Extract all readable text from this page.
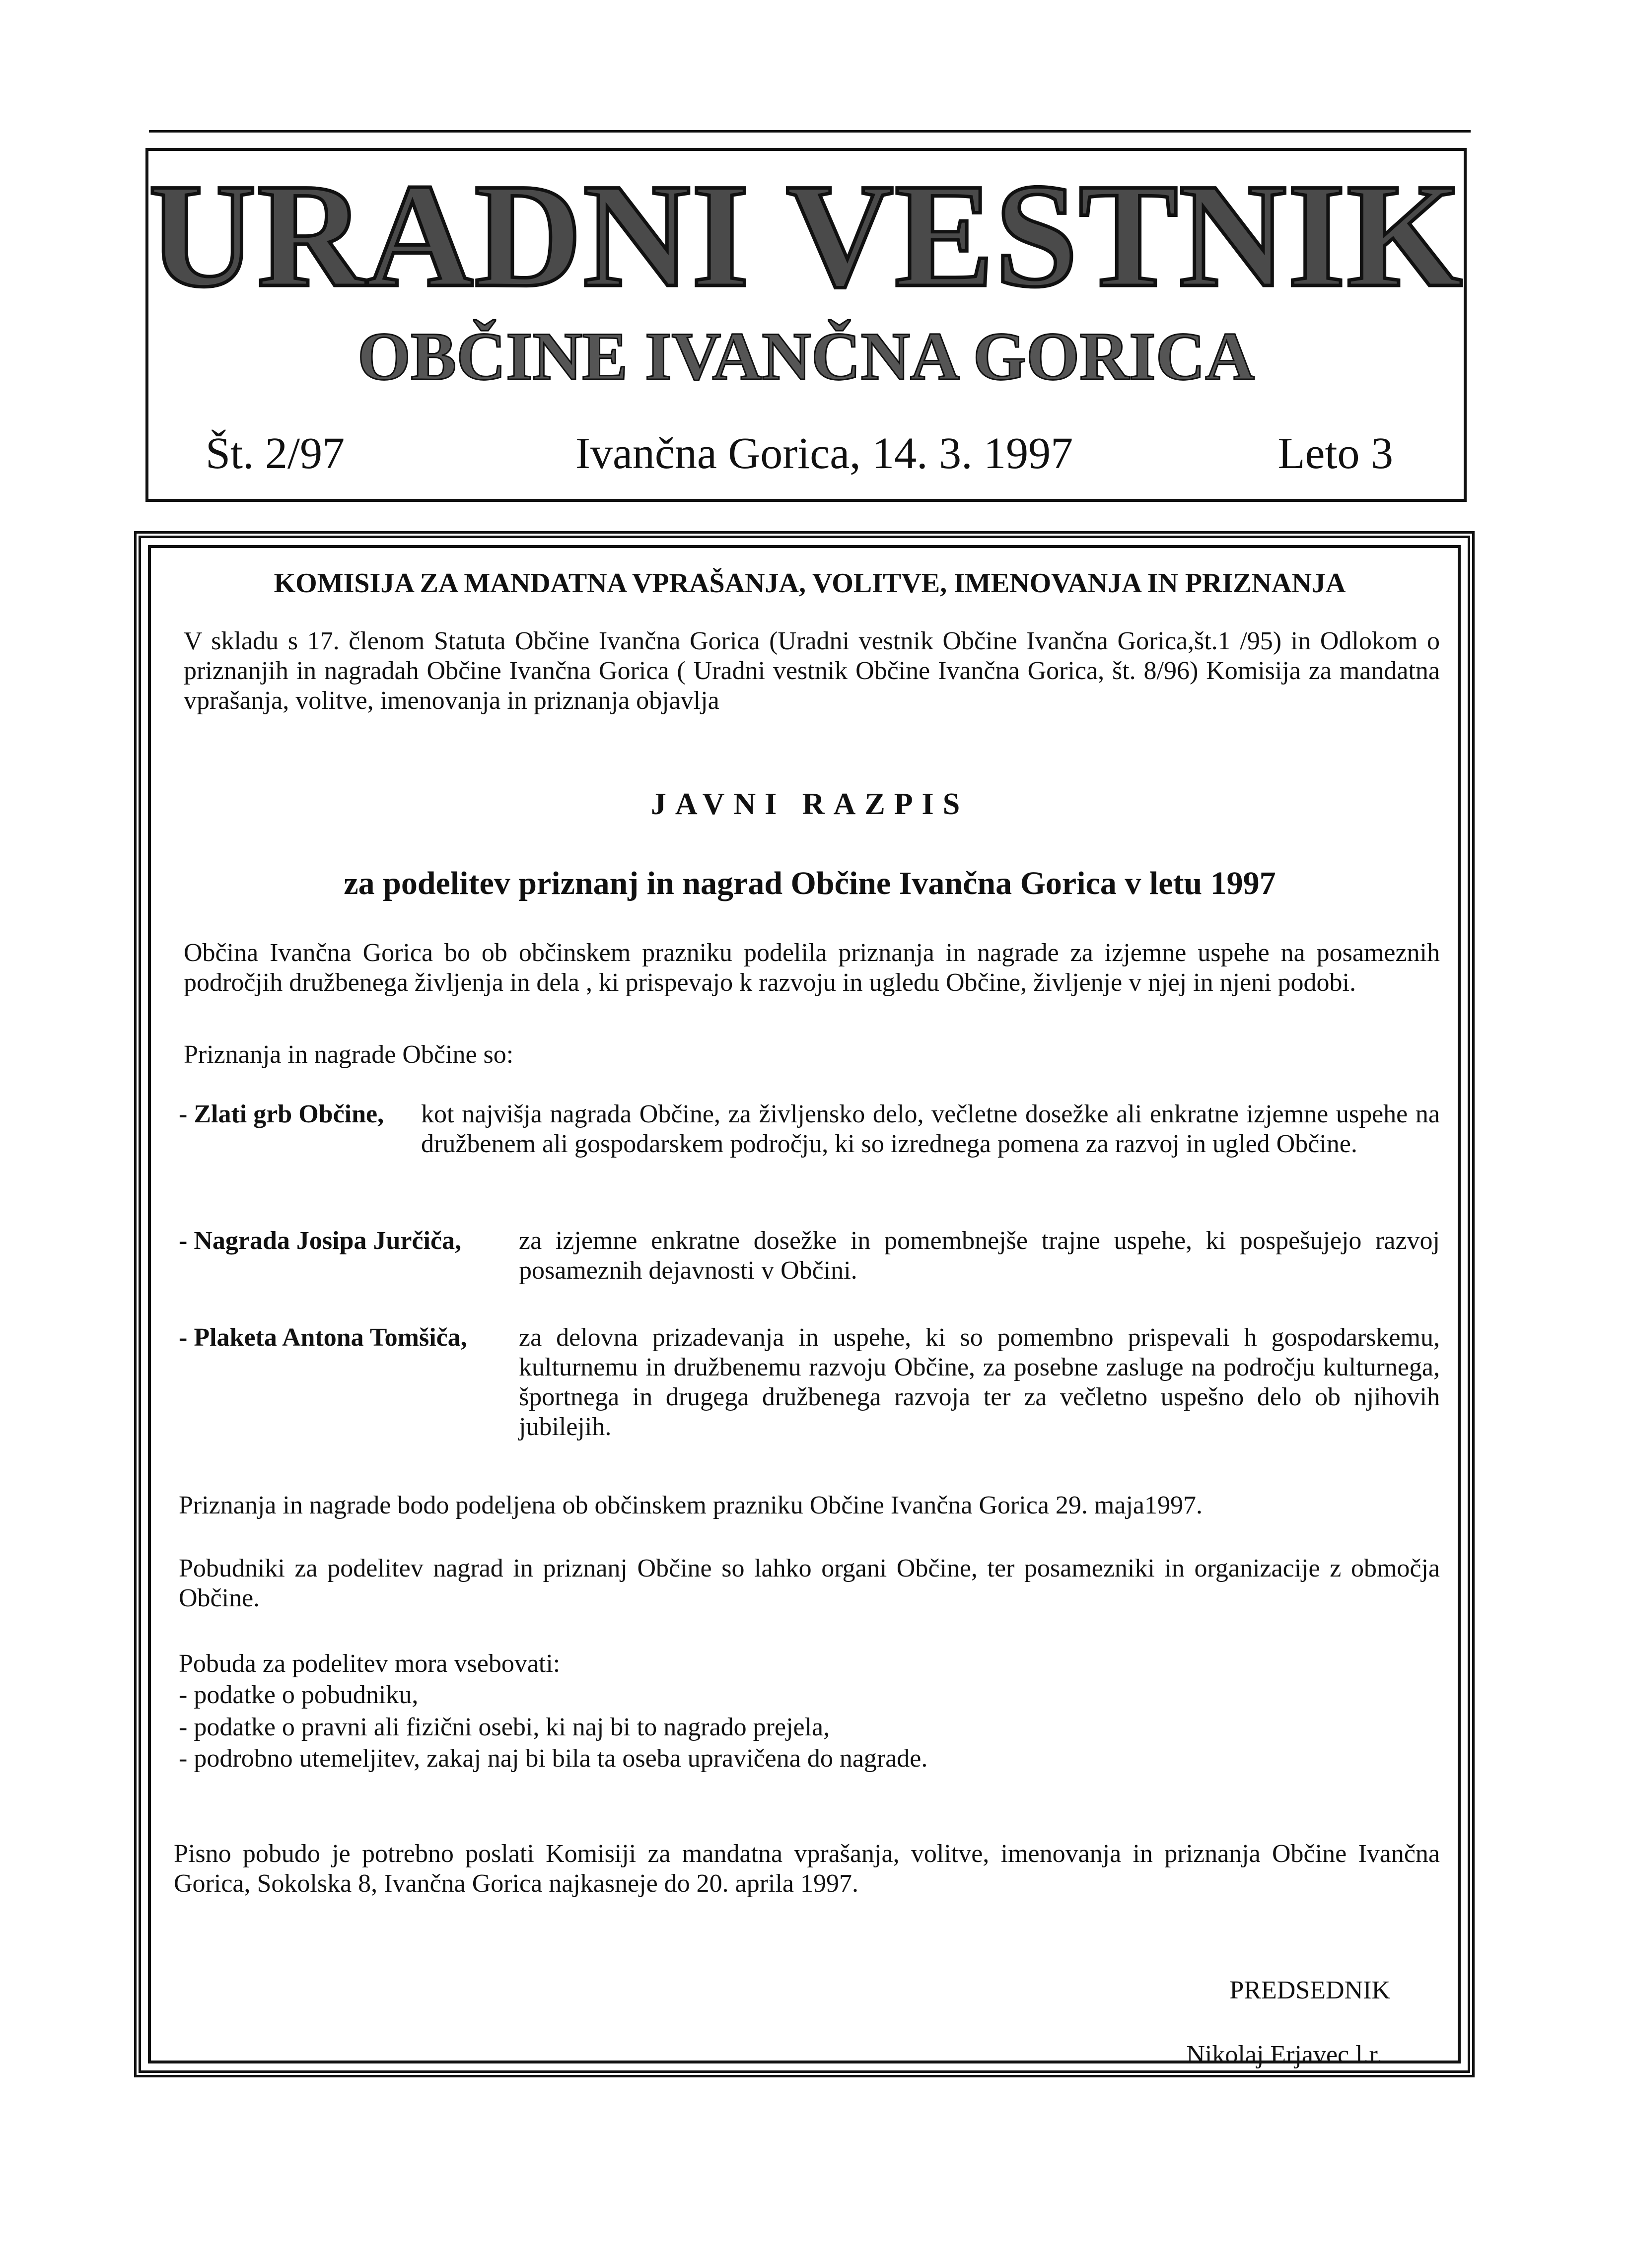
URADNI VESTNIK
OBČINE IVANČNA GORICA
Št. 2/97	Ivančna Gorica, 14. 3. 1997	Leto 3
KOMISIJA ZA MANDATNA VPRAŠANJA, VOLITVE, IMENOVANJA IN PRIZNANJA
V skladu s 17. členom Statuta Občine Ivančna Gorica (Uradni vestnik Občine Ivančna Gorica,št.1 /95) in Odlokom o priznanjih in nagradah Občine Ivančna Gorica ( Uradni vestnik Občine Ivančna Gorica, št. 8/96) Komisija za mandatna vprašanja, volitve, imenovanja in priznanja objavlja
JAVNI RAZPIS
za podelitev priznanj in nagrad Občine Ivančna Gorica v letu 1997
Občina Ivančna Gorica bo ob občinskem prazniku podelila priznanja in nagrade za izjemne uspehe na posameznih področjih družbenega življenja in dela , ki prispevajo k razvoju in ugledu Občine, življenje v njej in njeni podobi.
Priznanja in nagrade Občine so:
- Zlati grb Občine, kot najvišja nagrada Občine, za življensko delo, večletne dosežke ali enkratne izjemne uspehe na družbenem ali gospodarskem področju, ki so izrednega pomena za razvoj in ugled Občine.
- Nagrada Josipa Jurčiča, za izjemne enkratne dosežke in pomembnejše trajne uspehe, ki pospešujejo razvoj posameznih dejavnosti v Občini.
- Plaketa Antona Tomšiča, za delovna prizadevanja in uspehe, ki so pomembno prispevali h gospodarskemu, kulturnemu in družbenemu razvoju Občine, za posebne zasluge na področju kulturnega, športnega in drugega družbenega razvoja ter za večletno uspešno delo ob njihovih jubilejih.
Priznanja in nagrade bodo podeljena ob občinskem prazniku Občine Ivančna Gorica 29. maja1997.
Pobudniki za podelitev nagrad in priznanj Občine so lahko organi Občine, ter posamezniki in organizacije z območja Občine.
Pobuda za podelitev mora vsebovati:
- podatke o pobudniku,
- podatke o pravni ali fizični osebi, ki naj bi to nagrado prejela,
- podrobno utemeljitev, zakaj naj bi bila ta oseba upravičena do nagrade.
Pisno pobudo je potrebno poslati Komisiji za mandatna vprašanja, volitve, imenovanja in priznanja Občine Ivančna Gorica, Sokolska 8, Ivančna Gorica najkasneje do 20. aprila 1997.
PREDSEDNIK
Nikolaj Erjavec l.r.
